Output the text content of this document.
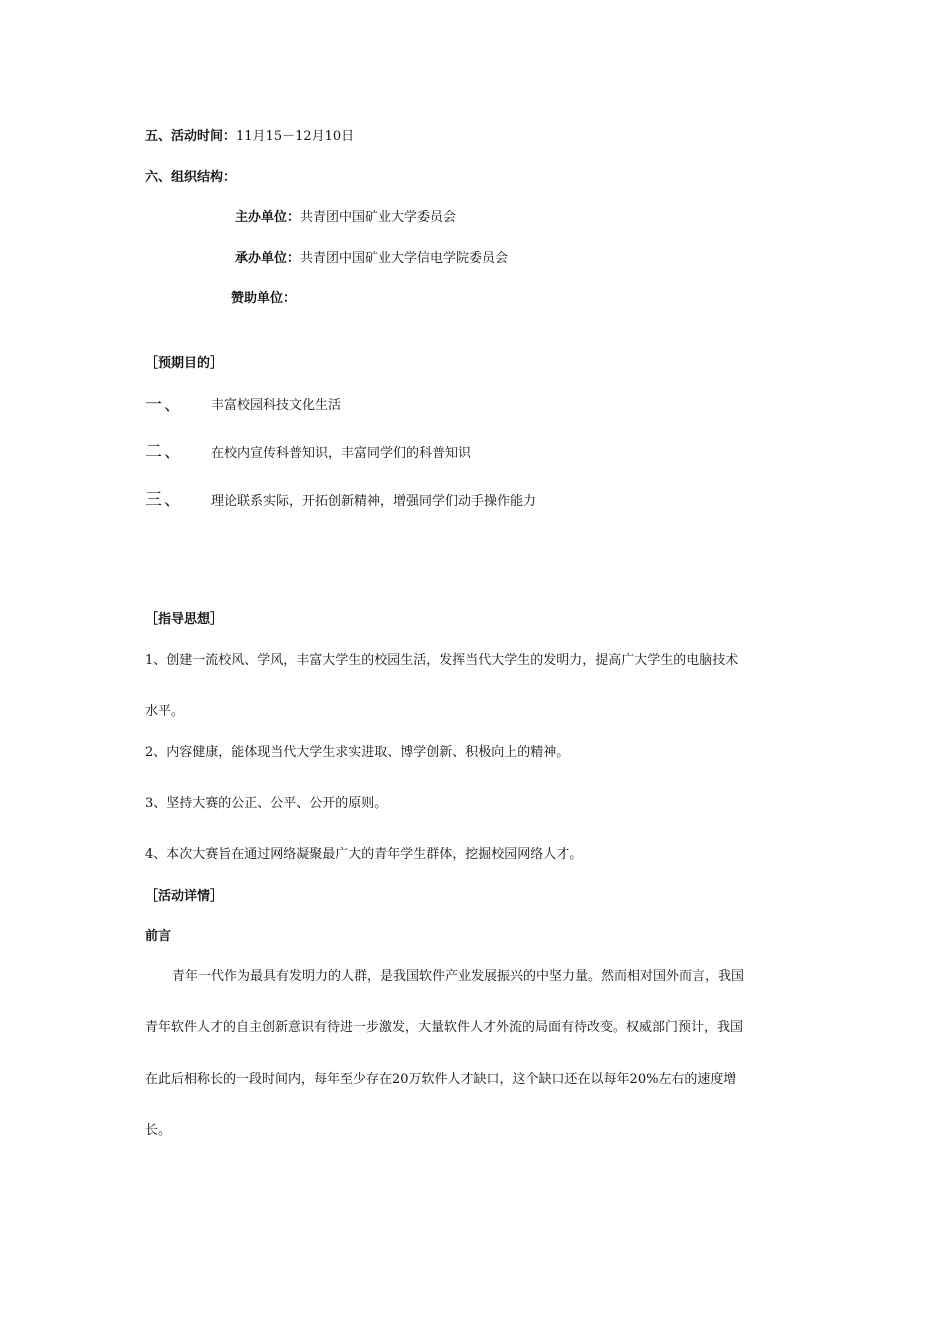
五、活动时间：11月15－12月10日
六、组织结构：
主办单位：共青团中国矿业大学委员会
承办单位：共青团中国矿业大学信电学院委员会
赞助单位：
［预期目的］
一、 丰富校园科技文化生活
二、 在校内宣传科普知识，丰富同学们的科普知识
三、 理论联系实际，开拓创新精神，增强同学们动手操作能力
［指导思想］
1、创建一流校风、学风，丰富大学生的校园生活，发挥当代大学生的发明力，提高广大学生的电脑技术
水平。
2、内容健康，能体现当代大学生求实进取、博学创新、积极向上的精神。
3、坚持大赛的公正、公平、公开的原则。
4、本次大赛旨在通过网络凝聚最广大的青年学生群体，挖掘校园网络人才。
［活动详情］
前言
青年一代作为最具有发明力的人群，是我国软件产业发展振兴的中坚力量。然而相对国外而言，我国
青年软件人才的自主创新意识有待进一步激发，大量软件人才外流的局面有待改变。权威部门预计，我国
在此后相称长的一段时间内，每年至少存在20万软件人才缺口，这个缺口还在以每年20%左右的速度增
长。
